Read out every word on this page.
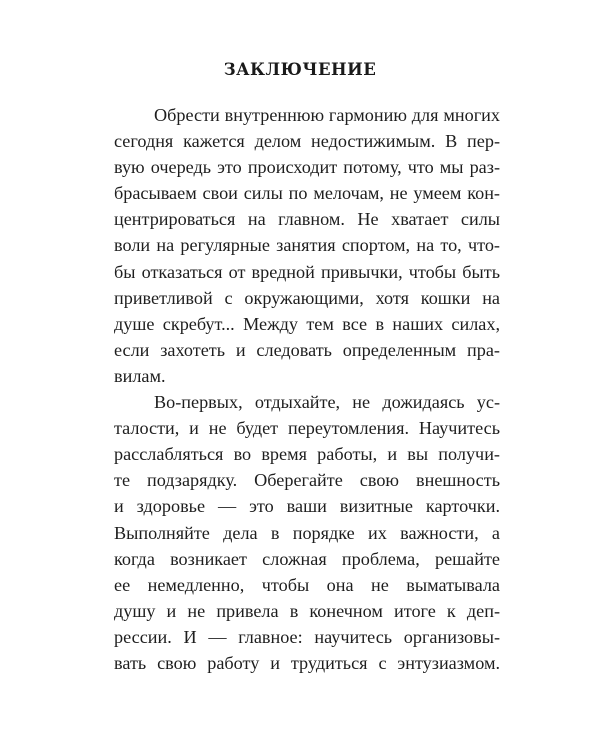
ЗАКЛЮЧЕНИЕ
Обрести внутреннюю гармонию для многих
сегодня кажется делом недостижимым. В пер-
вую очередь это происходит потому, что мы раз-
брасываем свои силы по мелочам, не умеем кон-
центрироваться на главном. Не хватает силы
воли на регулярные занятия спортом, на то, что-
бы отказаться от вредной привычки, чтобы быть
приветливой с окружающими, хотя кошки на
душе скребут... Между тем все в наших силах,
если захотеть и следовать определенным пра-
вилам.
Во-первых, отдыхайте, не дожидаясь ус-
талости, и не будет переутомления. Научитесь
расслабляться во время работы, и вы получи-
те подзарядку. Оберегайте свою внешность
и здоровье — это ваши визитные карточки.
Выполняйте дела в порядке их важности, а
когда возникает сложная проблема, решайте
ее немедленно, чтобы она не выматывала
душу и не привела в конечном итоге к деп-
рессии. И — главное: научитесь организовы-
вать свою работу и трудиться с энтузиазмом.
